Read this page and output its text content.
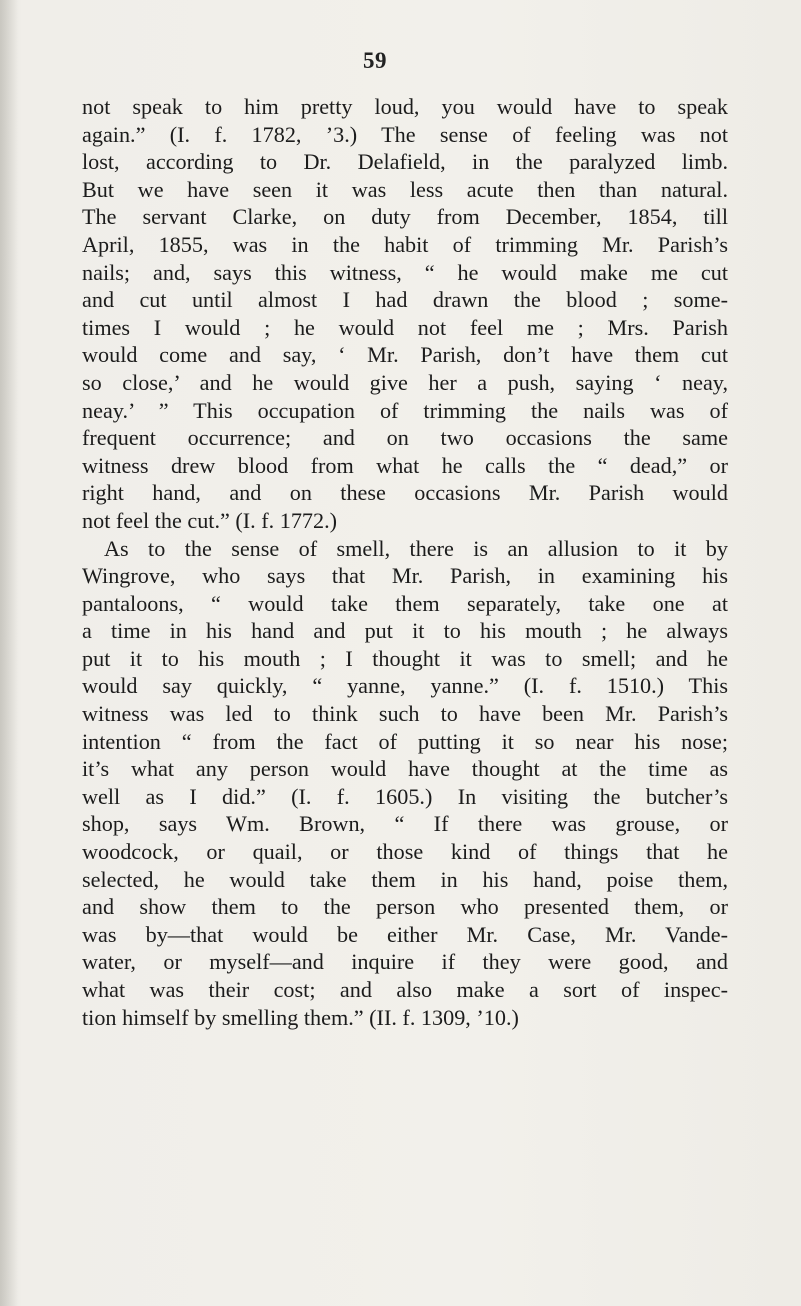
59
not speak to him pretty loud, you would have to speak
again.” (I. f. 1782, ’3.) The sense of feeling was not
lost, according to Dr. Delafield, in the paralyzed limb.
But we have seen it was less acute then than natural.
The servant Clarke, on duty from December, 1854, till
April, 1855, was in the habit of trimming Mr. Parish’s
nails; and, says this witness, “ he would make me cut
and cut until almost I had drawn the blood ; some-
times I would ; he would not feel me ; Mrs. Parish
would come and say, ‘ Mr. Parish, don’t have them cut
so close,’ and he would give her a push, saying ‘ neay,
neay.’ ” This occupation of trimming the nails was of
frequent occurrence; and on two occasions the same
witness drew blood from what he calls the “ dead,” or
right hand, and on these occasions Mr. Parish would
not feel the cut.” (I. f. 1772.)
As to the sense of smell, there is an allusion to it by
Wingrove, who says that Mr. Parish, in examining his
pantaloons, “ would take them separately, take one at
a time in his hand and put it to his mouth ; he always
put it to his mouth ; I thought it was to smell; and he
would say quickly, “ yanne, yanne.” (I. f. 1510.) This
witness was led to think such to have been Mr. Parish’s
intention “ from the fact of putting it so near his nose;
it’s what any person would have thought at the time as
well as I did.” (I. f. 1605.) In visiting the butcher’s
shop, says Wm. Brown, “ If there was grouse, or
woodcock, or quail, or those kind of things that he
selected, he would take them in his hand, poise them,
and show them to the person who presented them, or
was by—that would be either Mr. Case, Mr. Vande-
water, or myself—and inquire if they were good, and
what was their cost; and also make a sort of inspec-
tion himself by smelling them.” (II. f. 1309, ’10.)
